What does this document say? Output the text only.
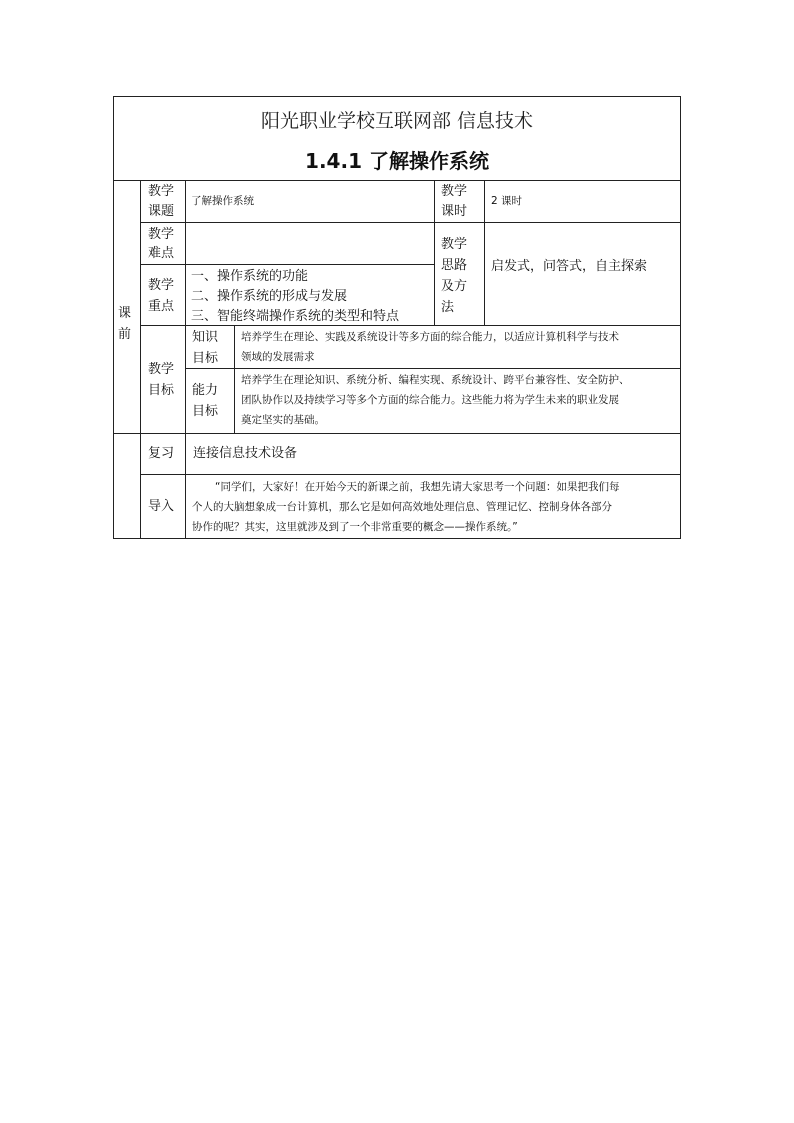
阳光职业学校互联网部 信息技术
1.4.1 了解操作系统
课
前
教学
课题
了解操作系统
教学
课时
2 课时
教学
难点
教学
思路
及方
法
启发式，问答式，自主探索
教学
重点
一、操作系统的功能
二、操作系统的形成与发展
三、智能终端操作系统的类型和特点
教学
目标
知识
目标
培养学生在理论、实践及系统设计等多方面的综合能力，以适应计算机科学与技术
领域的发展需求
能力
目标
培养学生在理论知识、系统分析、编程实现、系统设计、跨平台兼容性、安全防护、
团队协作以及持续学习等多个方面的综合能力。这些能力将为学生未来的职业发展
奠定坚实的基础。
复习 连接信息技术设备
导入
“同学们，大家好！在开始今天的新课之前，我想先请大家思考一个问题：如果把我们每
个人的大脑想象成一台计算机，那么它是如何高效地处理信息、管理记忆、控制身体各部分
协作的呢？其实，这里就涉及到了一个非常重要的概念——操作系统。”
